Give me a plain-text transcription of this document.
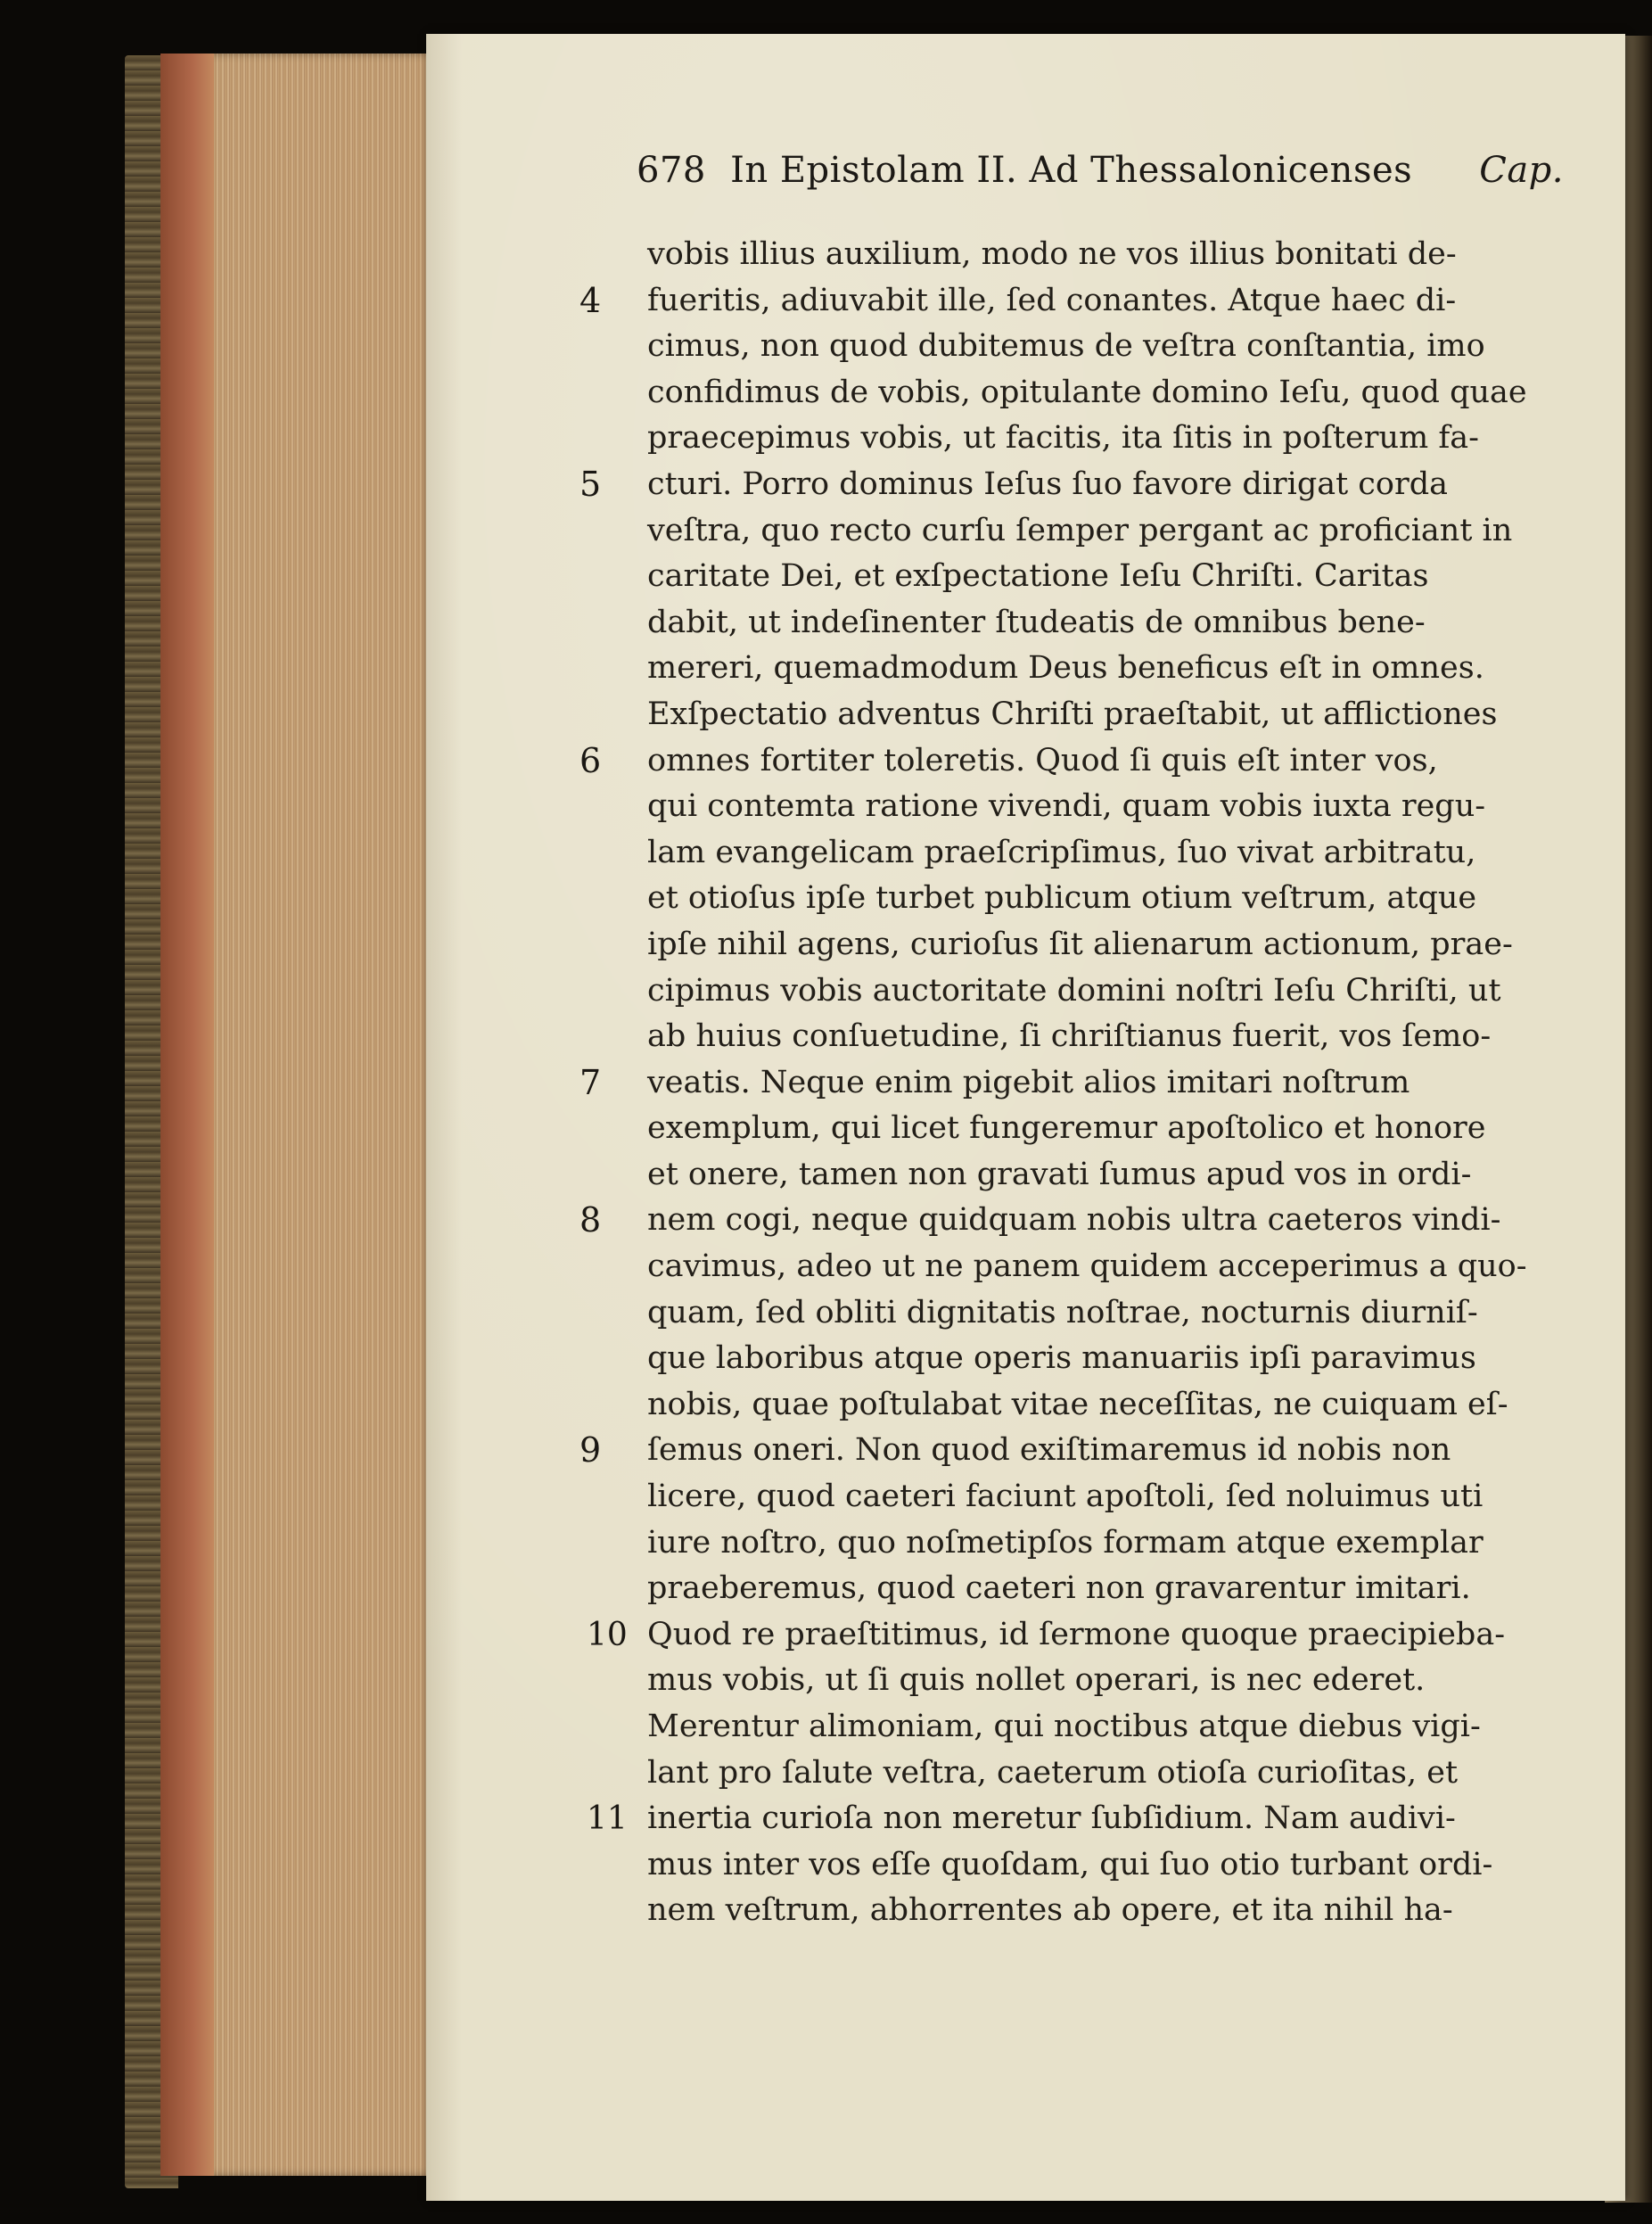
678 In Epistolam II. Ad Thessalonicenses Cap.
vobis illius auxilium, modo ne vos illius bonitati de-
4	fueritis, adiuvabit ille, ſed conantes. Atque haec di-
cimus, non quod dubitemus de veſtra conſtantia, imo
confidimus de vobis, opitulante domino Ieſu, quod quae
praecepimus vobis, ut facitis, ita ſitis in poſterum fa-
5	cturi. Porro dominus Ieſus ſuo favore dirigat corda
veſtra, quo recto curſu ſemper pergant ac proficiant in
caritate Dei, et exſpectatione Ieſu Chriſti. Caritas
dabit, ut indeſinenter ſtudeatis de omnibus bene-
mereri, quemadmodum Deus beneficus eſt in omnes.
Exſpectatio adventus Chriſti praeſtabit, ut afflictiones
6	omnes fortiter toleretis. Quod ſi quis eſt inter vos,
qui contemta ratione vivendi, quam vobis iuxta regu-
lam evangelicam praeſcripſimus, ſuo vivat arbitratu,
et otioſus ipſe turbet publicum otium veſtrum, atque
ipſe nihil agens, curioſus ſit alienarum actionum, prae-
cipimus vobis auctoritate domini noſtri Ieſu Chriſti, ut
ab huius conſuetudine, ſi chriſtianus fuerit, vos ſemo-
7	veatis. Neque enim pigebit alios imitari noſtrum
exemplum, qui licet fungeremur apoſtolico et honore
et onere, tamen non gravati ſumus apud vos in ordi-
8	nem cogi, neque quidquam nobis ultra caeteros vindi-
cavimus, adeo ut ne panem quidem acceperimus a quo-
quam, ſed obliti dignitatis noſtrae, nocturnis diurniſ-
que laboribus atque operis manuariis ipſi paravimus
nobis, quae poſtulabat vitae neceſſitas, ne cuiquam eſ-
9	ſemus oneri. Non quod exiſtimaremus id nobis non
licere, quod caeteri faciunt apoſtoli, ſed noluimus uti
iure noſtro, quo noſmetipſos formam atque exemplar
praeberemus, quod caeteri non gravarentur imitari.
10 Quod re praeſtitimus, id ſermone quoque praecipieba-
mus vobis, ut ſi quis nollet operari, is nec ederet.
Merentur alimoniam, qui noctibus atque diebus vigi-
lant pro ſalute veſtra, caeterum otioſa curioſitas, et
11 inertia curioſa non meretur ſubſidium. Nam audivi-
mus inter vos eſſe quoſdam, qui ſuo otio turbant ordi-
nem veſtrum, abhorrentes ab opere, et ita nihil ha-
